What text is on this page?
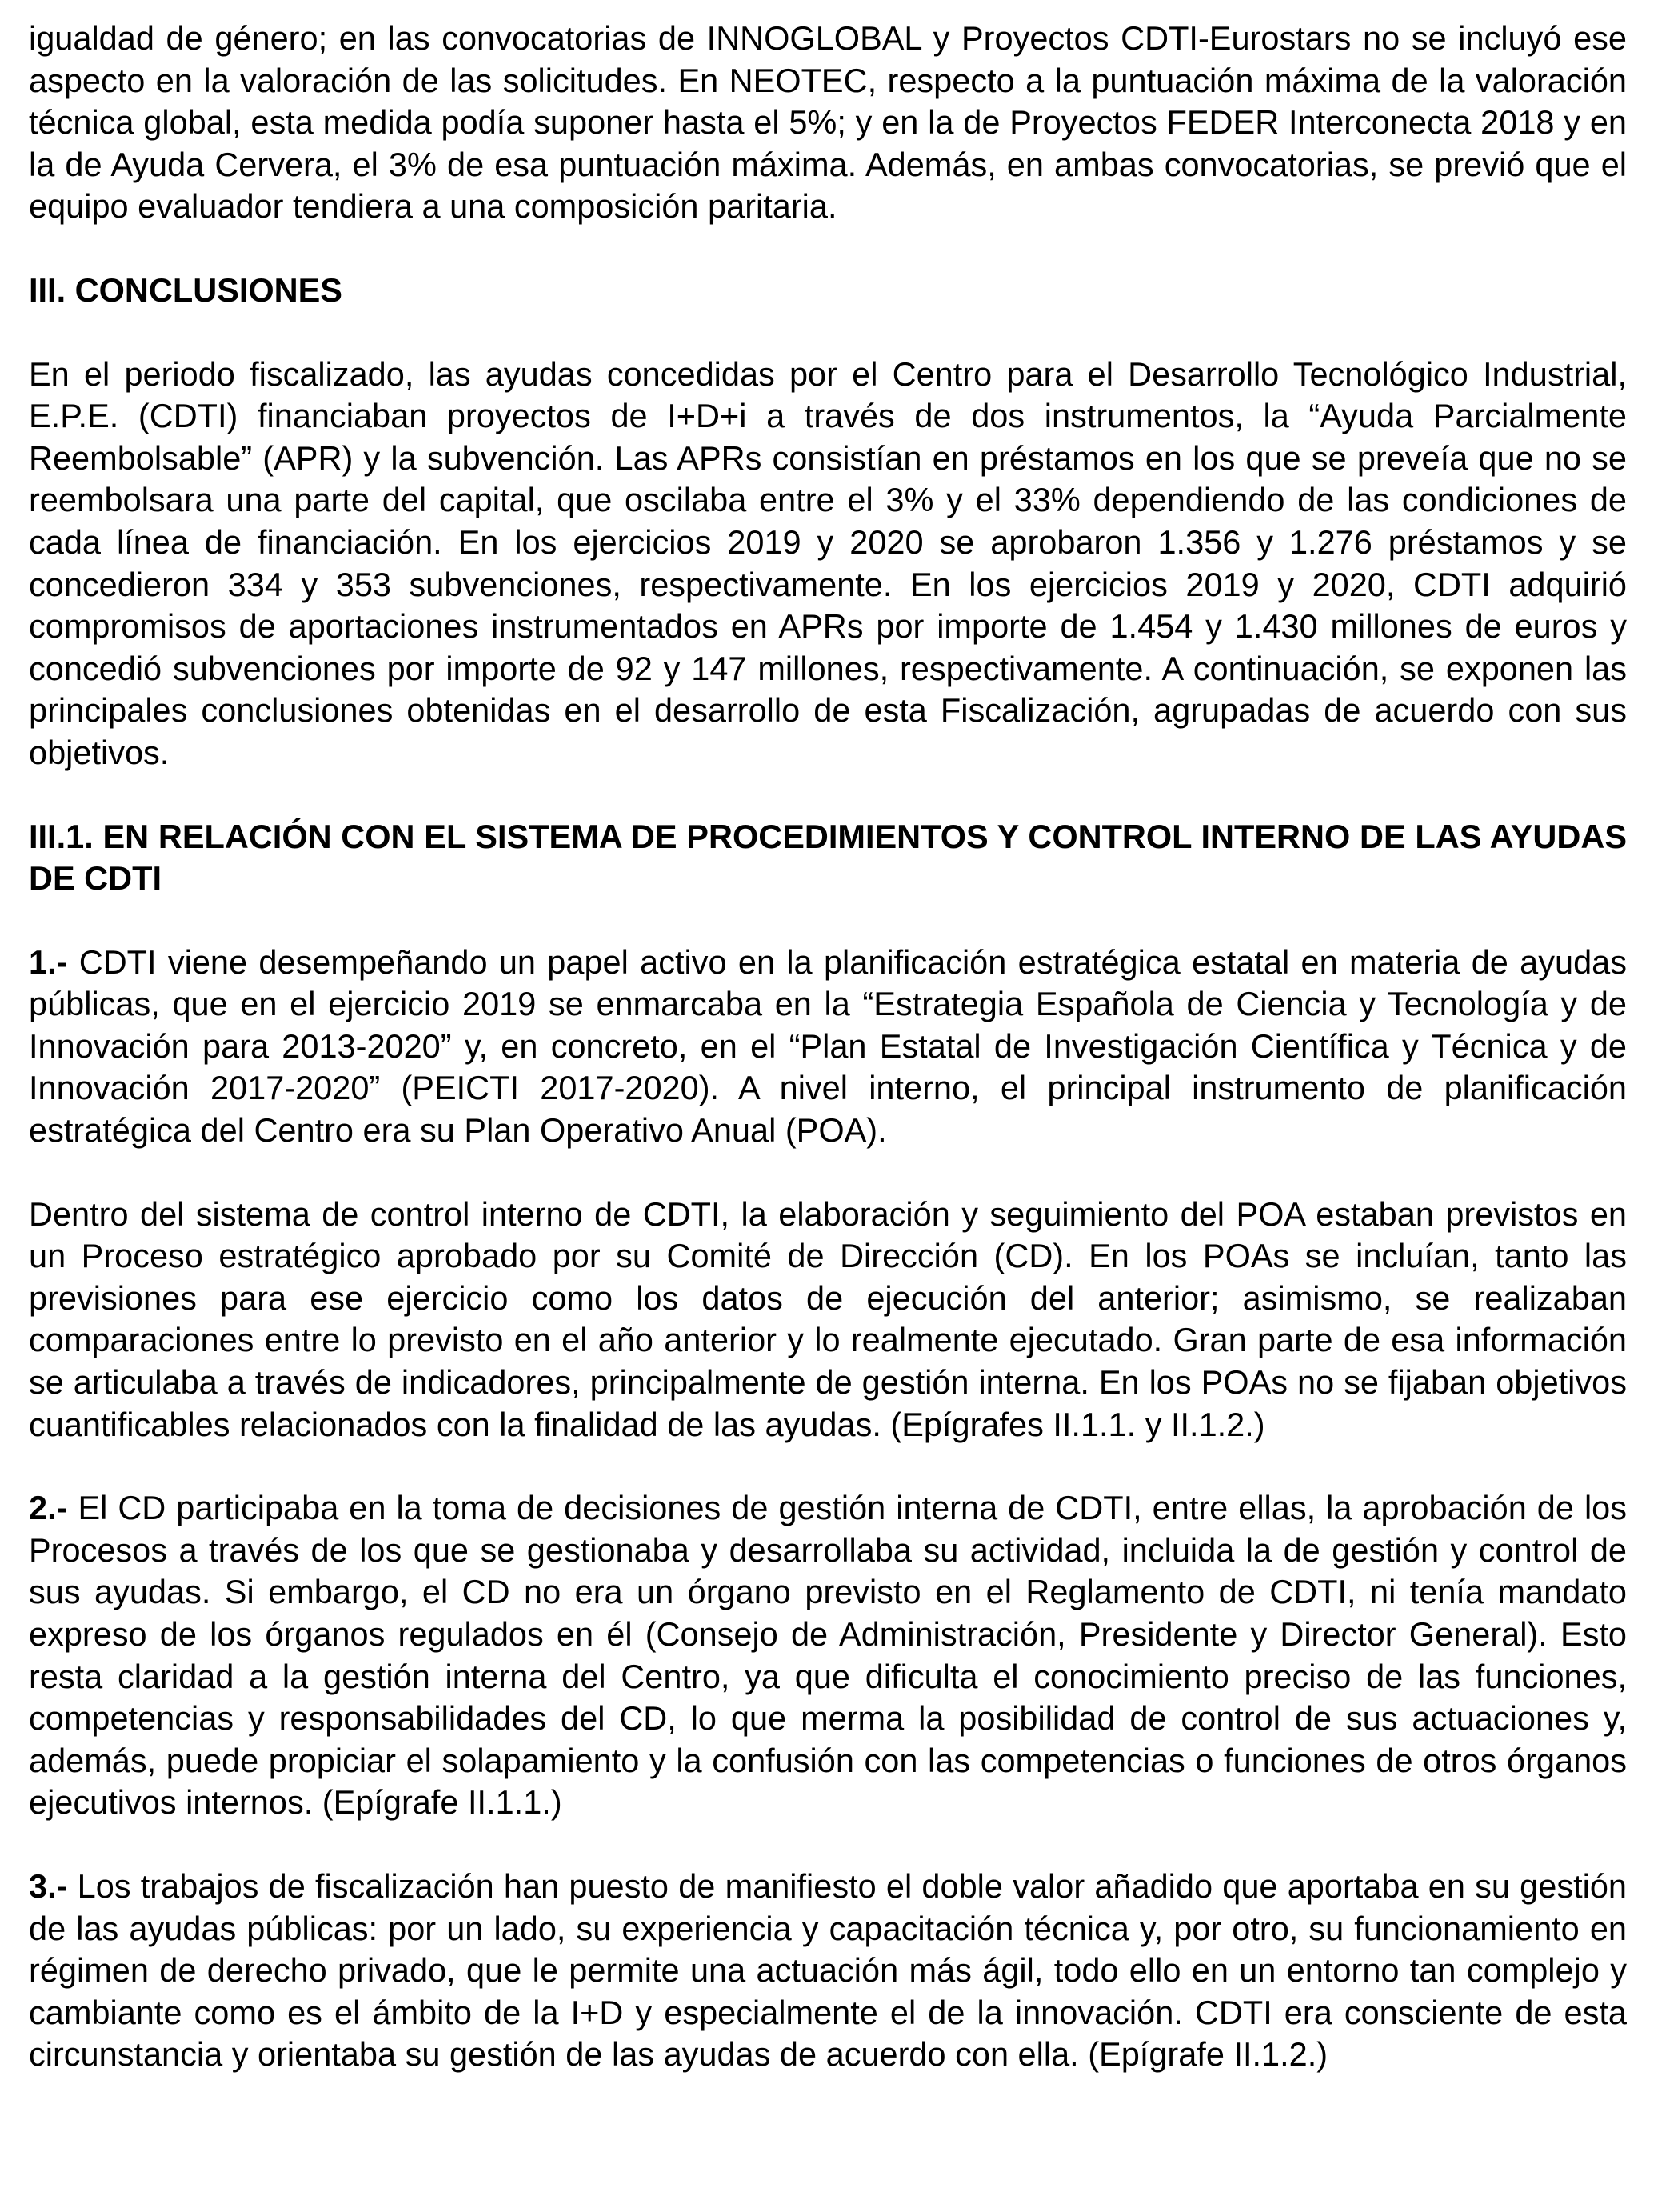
igualdad de género; en las convocatorias de INNOGLOBAL y Proyectos CDTI-Eurostars no se incluyó ese aspecto en la valoración de las solicitudes. En NEOTEC, respecto a la puntuación máxima de la valoración técnica global, esta medida podía suponer hasta el 5%; y en la de Proyectos FEDER Interconecta 2018 y en la de Ayuda Cervera, el 3% de esa puntuación máxima. Además, en ambas convocatorias, se previó que el equipo evaluador tendiera a una composición paritaria.

III. CONCLUSIONES

En el periodo fiscalizado, las ayudas concedidas por el Centro para el Desarrollo Tecnológico Industrial, E.P.E. (CDTI) financiaban proyectos de I+D+i a través de dos instrumentos, la “Ayuda Parcialmente Reembolsable” (APR) y la subvención. Las APRs consistían en préstamos en los que se preveía que no se reembolsara una parte del capital, que oscilaba entre el 3% y el 33% dependiendo de las condiciones de cada línea de financiación. En los ejercicios 2019 y 2020 se aprobaron 1.356 y 1.276 préstamos y se concedieron 334 y 353 subvenciones, respectivamente. En los ejercicios 2019 y 2020, CDTI adquirió compromisos de aportaciones instrumentados en APRs por importe de 1.454 y 1.430 millones de euros y concedió subvenciones por importe de 92 y 147 millones, respectivamente. A continuación, se exponen las principales conclusiones obtenidas en el desarrollo de esta Fiscalización, agrupadas de acuerdo con sus objetivos.

III.1. EN RELACIÓN CON EL SISTEMA DE PROCEDIMIENTOS Y CONTROL INTERNO DE LAS AYUDAS DE CDTI

1.- CDTI viene desempeñando un papel activo en la planificación estratégica estatal en materia de ayudas públicas, que en el ejercicio 2019 se enmarcaba en la “Estrategia Española de Ciencia y Tecnología y de Innovación para 2013-2020” y, en concreto, en el “Plan Estatal de Investigación Científica y Técnica y de Innovación 2017-2020” (PEICTI 2017-2020). A nivel interno, el principal instrumento de planificación estratégica del Centro era su Plan Operativo Anual (POA).

Dentro del sistema de control interno de CDTI, la elaboración y seguimiento del POA estaban previstos en un Proceso estratégico aprobado por su Comité de Dirección (CD). En los POAs se incluían, tanto las previsiones para ese ejercicio como los datos de ejecución del anterior; asimismo, se realizaban comparaciones entre lo previsto en el año anterior y lo realmente ejecutado. Gran parte de esa información se articulaba a través de indicadores, principalmente de gestión interna. En los POAs no se fijaban objetivos cuantificables relacionados con la finalidad de las ayudas. (Epígrafes II.1.1. y II.1.2.)

2.- El CD participaba en la toma de decisiones de gestión interna de CDTI, entre ellas, la aprobación de los Procesos a través de los que se gestionaba y desarrollaba su actividad, incluida la de gestión y control de sus ayudas. Si embargo, el CD no era un órgano previsto en el Reglamento de CDTI, ni tenía mandato expreso de los órganos regulados en él (Consejo de Administración, Presidente y Director General). Esto resta claridad a la gestión interna del Centro, ya que dificulta el conocimiento preciso de las funciones, competencias y responsabilidades del CD, lo que merma la posibilidad de control de sus actuaciones y, además, puede propiciar el solapamiento y la confusión con las competencias o funciones de otros órganos ejecutivos internos. (Epígrafe II.1.1.)

3.- Los trabajos de fiscalización han puesto de manifiesto el doble valor añadido que aportaba en su gestión de las ayudas públicas: por un lado, su experiencia y capacitación técnica y, por otro, su funcionamiento en régimen de derecho privado, que le permite una actuación más ágil, todo ello en un entorno tan complejo y cambiante como es el ámbito de la I+D y especialmente el de la innovación. CDTI era consciente de esta circunstancia y orientaba su gestión de las ayudas de acuerdo con ella. (Epígrafe II.1.2.)
